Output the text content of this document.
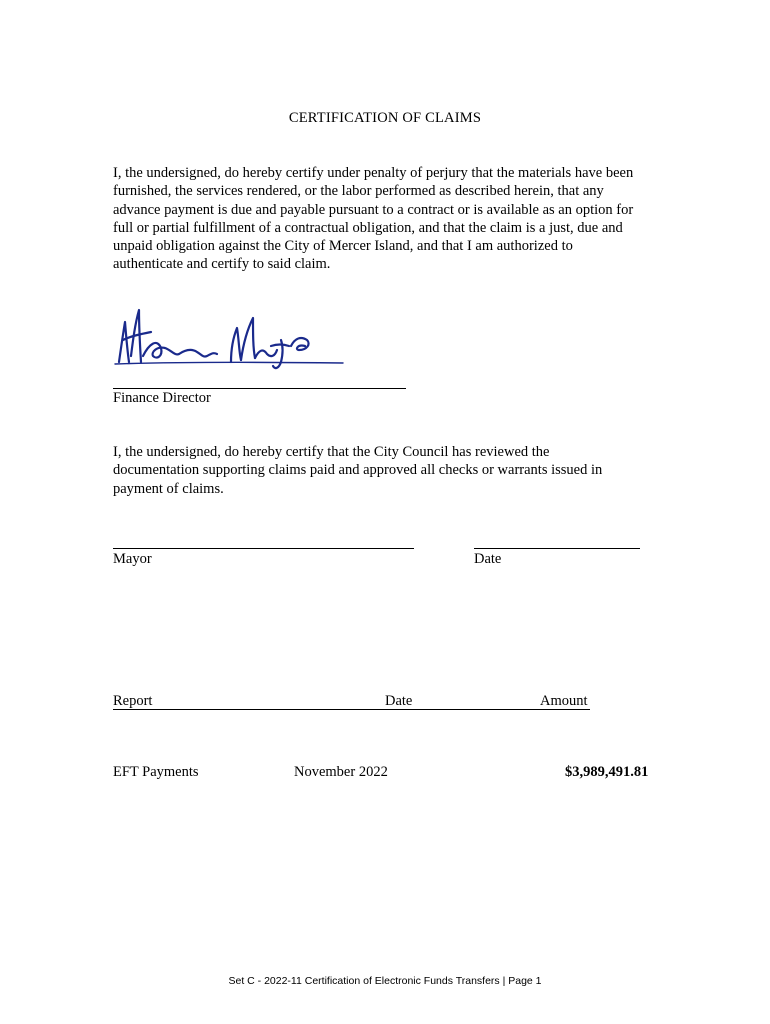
CERTIFICATION OF CLAIMS
I, the undersigned, do hereby certify under penalty of perjury that the materials have been
furnished, the services rendered, or the labor performed as described herein, that any
advance payment is due and payable pursuant to a contract or is available as an option for
full or partial fulfillment of a contractual obligation, and that the claim is a just, due and
unpaid obligation against the City of Mercer Island, and that I am authorized to
authenticate and certify to said claim.
Finance Director
I, the undersigned, do hereby certify that the City Council has reviewed the
documentation supporting claims paid and approved all checks or warrants issued in
payment of claims.
Mayor	Date
Report	Date	Amount
EFT Payments	November 2022	$3,989,491.81
Set C - 2022-11 Certification of Electronic Funds Transfers | Page 1
